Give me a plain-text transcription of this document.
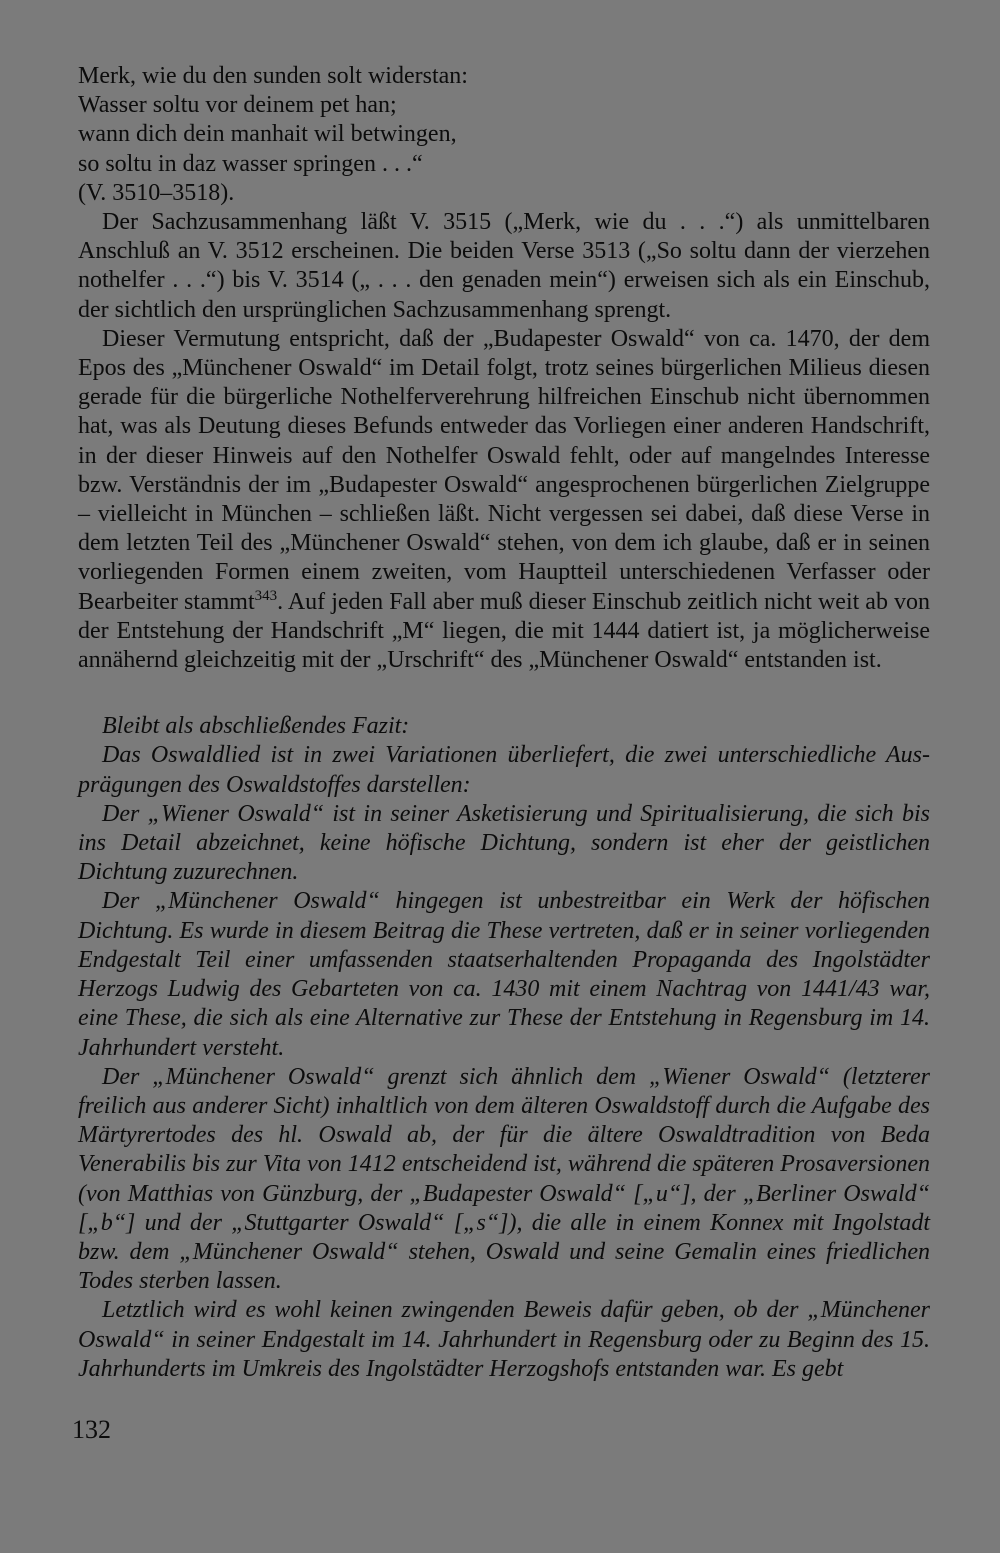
Merk, wie du den sunden solt widerstan:

Wasser soltu vor deinem pet han;

wann dich dein manhait wil betwingen,

so soltu in daz wasser springen . . .“

(V. 3510–3518).

Der Sachzusammenhang läßt V. 3515 („Merk, wie du . . .“) als unmittelbaren Anschluß an V. 3512 erscheinen. Die beiden Verse 3513 („So soltu dann der vierzehen nothelfer . . .“) bis V. 3514 („ . . . den genaden mein“) erweisen sich als ein Einschub, der sichtlich den ursprünglichen Sachzusammenhang sprengt.

Dieser Vermutung entspricht, daß der „Budapester Oswald“ von ca. 1470, der dem Epos des „Münchener Oswald“ im Detail folgt, trotz seines bürgerlichen Milieus diesen gerade für die bürgerliche Nothelferverehrung hilfreichen Einschub nicht übernommen hat, was als Deutung dieses Befunds entweder das Vorliegen einer anderen Handschrift, in der dieser Hinweis auf den Nothelfer Oswald fehlt, oder auf mangelndes Interesse bzw. Verständnis der im „Budapester Oswald“ angesprochenen bürgerlichen Zielgruppe – vielleicht in München – schließen läßt. Nicht vergessen sei dabei, daß diese Verse in dem letzten Teil des „Münchener Oswald“ stehen, von dem ich glaube, daß er in seinen vorliegenden Formen einem zweiten, vom Hauptteil unterschiedenen Verfasser oder Bearbeiter stammt$^{343}$. Auf jeden Fall aber muß dieser Einschub zeitlich nicht weit ab von der Entstehung der Handschrift „M“ liegen, die mit 1444 datiert ist, ja möglicherweise annähernd gleichzeitig mit der „Urschrift“ des „Münchener Oswald“ entstanden ist.

Bleibt als abschließendes Fazit:

Das Oswaldlied ist in zwei Variationen überliefert, die zwei unterschiedliche Ausprägungen des Oswaldstoffes darstellen:

Der „Wiener Oswald“ ist in seiner Asketisierung und Spiritualisierung, die sich bis ins Detail abzeichnet, keine höfische Dichtung, sondern ist eher der geistlichen Dichtung zuzurechnen.

Der „Münchener Oswald“ hingegen ist unbestreitbar ein Werk der höfischen Dichtung. Es wurde in diesem Beitrag die These vertreten, daß er in seiner vorliegenden Endgestalt Teil einer umfassenden staatserhaltenden Propaganda des Ingolstädter Herzogs Ludwig des Gebarteten von ca. 1430 mit einem Nachtrag von 1441/43 war, eine These, die sich als eine Alternative zur These der Entstehung in Regensburg im 14. Jahrhundert versteht.

Der „Münchener Oswald“ grenzt sich ähnlich dem „Wiener Oswald“ (letzterer freilich aus anderer Sicht) inhaltlich von dem älteren Oswaldstoff durch die Aufgabe des Märtyrertodes des hl. Oswald ab, der für die ältere Oswaldtradition von Beda Venerabilis bis zur Vita von 1412 entscheidend ist, während die späteren Prosaversionen (von Matthias von Günzburg, der „Budapester Oswald“ [„u“], der „Berliner Oswald“ [„b“] und der „Stuttgarter Oswald“ [„s“]), die alle in einem Konnex mit Ingolstadt bzw. dem „Münchener Oswald“ stehen, Oswald und seine Gemalin eines friedlichen Todes sterben lassen.

Letztlich wird es wohl keinen zwingenden Beweis dafür geben, ob der „Münchener Oswald“ in seiner Endgestalt im 14. Jahrhundert in Regensburg oder zu Beginn des 15. Jahrhunderts im Umkreis des Ingolstädter Herzogshofs entstanden war. Es gebt

132
